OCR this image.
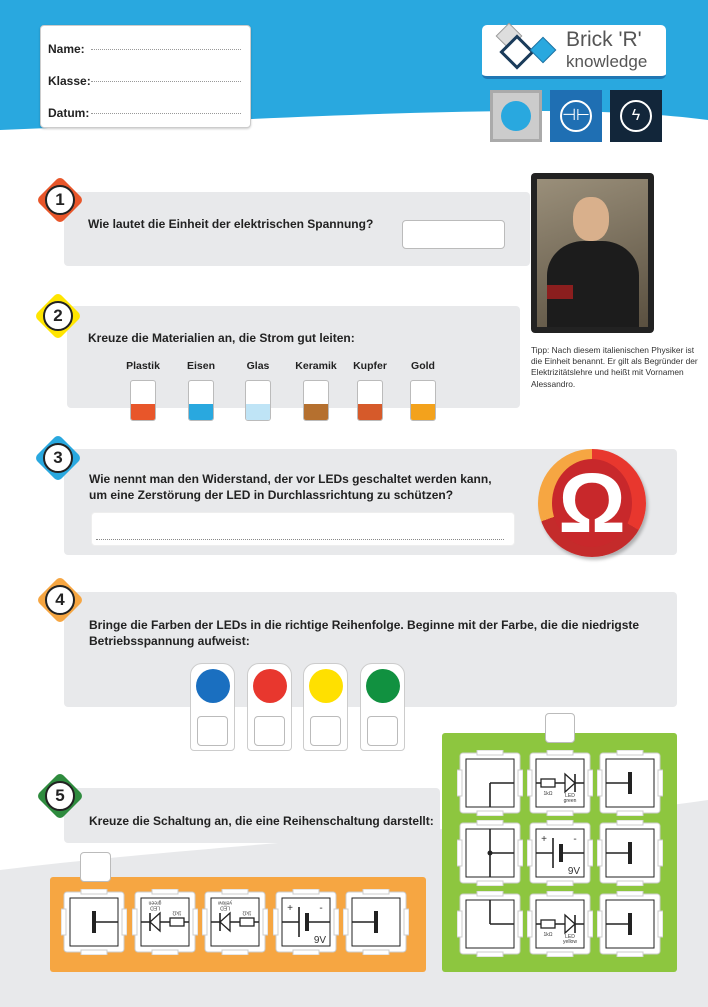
Name:
Klasse:
Datum:
Brick 'R'
knowledge
⊣⊢	ϟ
1
Wie lautet die Einheit der elektrischen Spannung?
Tipp: Nach diesem italienischen Physiker ist die Einheit benannt. Er gilt als Begründer der Elektrizitätslehre und heißt mit Vornamen Alessandro.
2
Kreuze die Materialien an, die Strom gut leiten:
3
Wie nennt man den Widerstand, der vor LEDs geschaltet werden kann,
um eine Zerstörung der LED in Durchlassrichtung zu schützen? Ω
4
Bringe die Farben der LEDs in die richtige Reihenfolge. Beginne mit der Farbe, die die niedrigste
Betriebsspannung aufweist:
5
Kreuze die Schaltung an, die eine Reihenschaltung darstellt:
Plastik	Eisen	Glas	Keramik	Kupfer	Gold
1kΩ	LED
green
+	-
9V
1kΩ	LED
yellow
1kΩ
LED
green
1kΩ
LED
yellow
+	-
9V
